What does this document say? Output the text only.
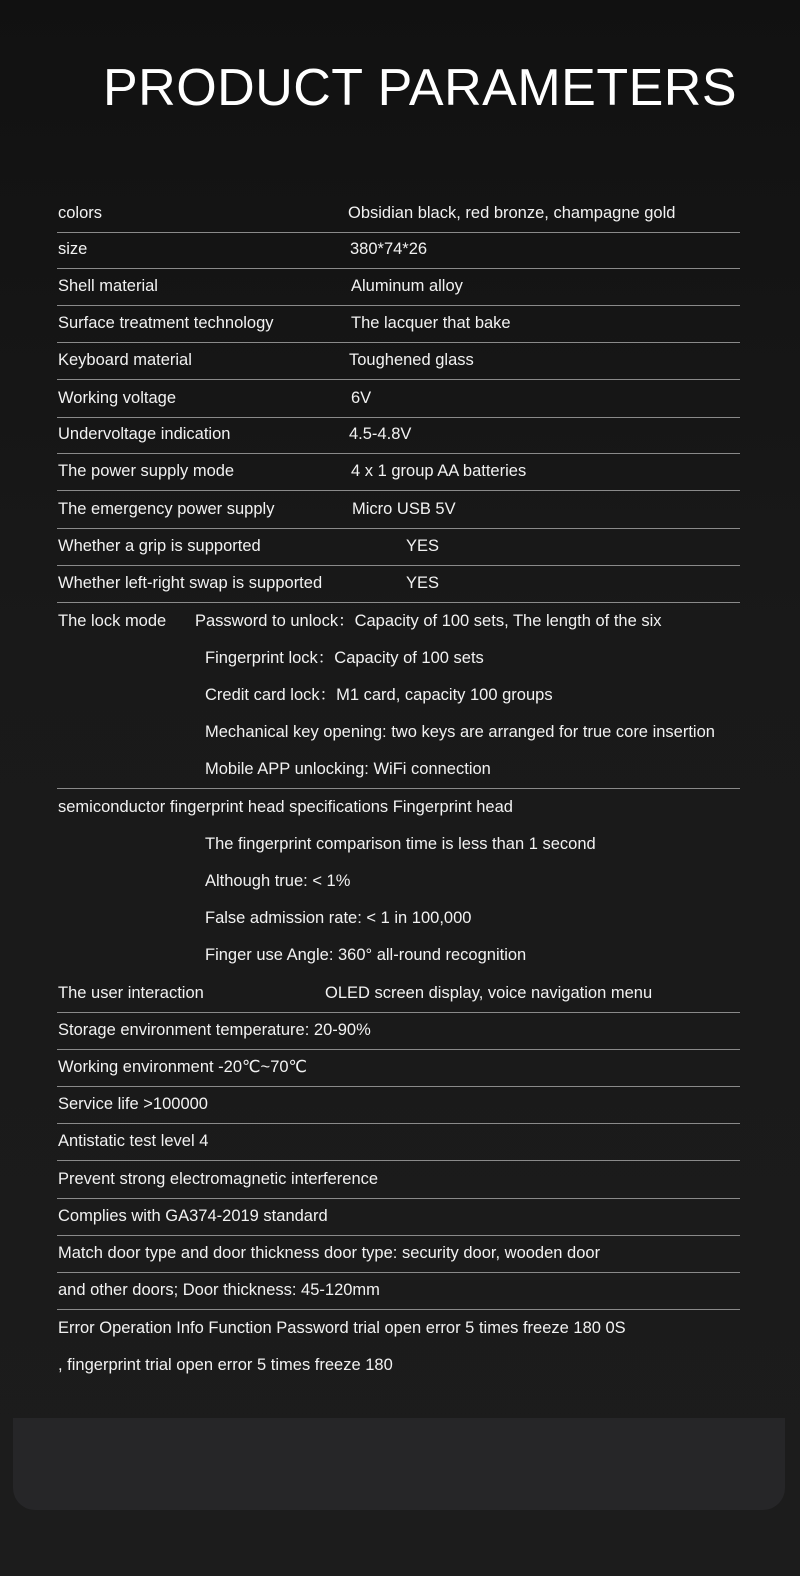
PRODUCT PARAMETERS
colors	Obsidian black, red bronze, champagne gold
size	380*74*26
Shell material	Aluminum alloy
Surface treatment technology	The lacquer that bake
Keyboard material	Toughened glass
Working voltage	6V
Undervoltage indication	4.5-4.8V
The power supply mode	4 x 1 group AA batteries
The emergency power supply	Micro USB 5V
Whether a grip is supported	YES
Whether left-right swap is supported	YES
The lock mode Password to unlock：Capacity of 100 sets, The length of the six
Fingerprint lock：Capacity of 100 sets
Credit card lock：M1 card, capacity 100 groups
Mechanical key opening: two keys are arranged for true core insertion
Mobile APP unlocking: WiFi connection
semiconductor fingerprint head specifications Fingerprint head
The fingerprint comparison time is less than 1 second
Although true: < 1%
False admission rate: < 1 in 100,000
Finger use Angle: 360° all-round recognition
The user interaction	OLED screen display, voice navigation menu
Storage environment temperature: 20-90%
Working environment -20℃~70℃
Service life >100000
Antistatic test level 4
Prevent strong electromagnetic interference
Complies with GA374-2019 standard
Match door type and door thickness door type: security door, wooden door
and other doors; Door thickness: 45-120mm
Error Operation Info Function Password trial open error 5 times freeze 180 0S
, fingerprint trial open error 5 times freeze 180
